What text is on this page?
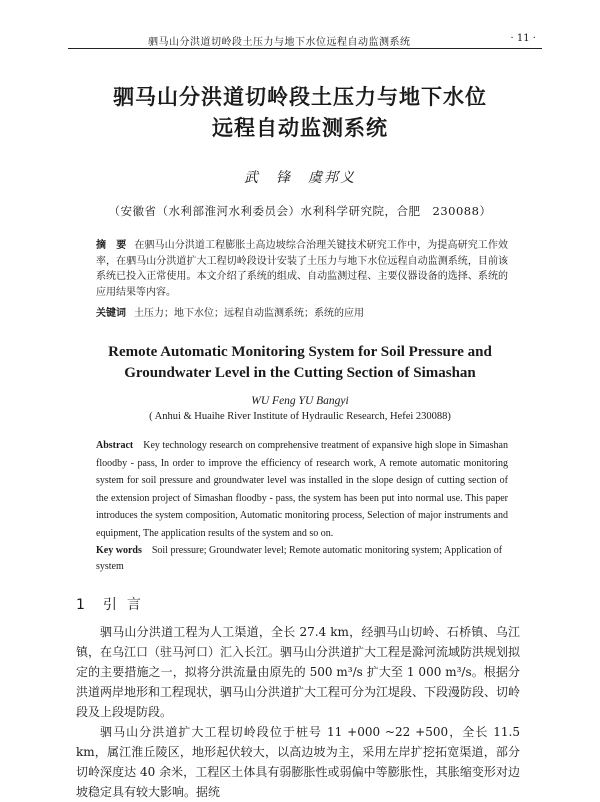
驷马山分洪道切岭段土压力与地下水位远程自动监测系统	· 11 ·
驷马山分洪道切岭段土压力与地下水位
远程自动监测系统
武　锋　虞邦义
（安徽省（水利部淮河水利委员会）水利科学研究院，合肥　230088）
摘　要 在驷马山分洪道工程膨胀土高边坡综合治理关键技术研究工作中，为提高研究工作效率，在驷马山分洪道扩大工程切岭段设计安装了土压力与地下水位远程自动监测系统，目前该系统已投入正常使用。本文介绍了系统的组成、自动监测过程、主要仪器设备的选择、系统的应用结果等内容。
关键词 土压力；地下水位；远程自动监测系统；系统的应用
Remote Automatic Monitoring System for Soil Pressure and
Groundwater Level in the Cutting Section of Simashan
WU Feng YU Bangyi
( Anhui & Huaihe River Institute of Hydraulic Research, Hefei 230088)
Abstract Key technology research on comprehensive treatment of expansive high slope in Simashan floodby - pass, In order to improve the efficiency of research work, A remote automatic monitoring system for soil pressure and groundwater level was installed in the slope design of cutting section of the extension project of Simashan floodby - pass, the system has been put into normal use. This paper introduces the system composition, Automatic monitoring process, Selection of major instruments and equipment, The application results of the system and so on.
Key words Soil pressure; Groundwater level; Remote automatic monitoring system; Application of system
1 引言

驷马山分洪道工程为人工渠道，全长 27.4 km，经驷马山切岭、石桥镇、乌江镇，在乌江口（驻马河口）汇入长江。驷马山分洪道扩大工程是滁河流域防洪规划拟定的主要措施之一，拟将分洪流量由原先的 500 m³/s 扩大至 1 000 m³/s。根据分洪道两岸地形和工程现状，驷马山分洪道扩大工程可分为江堤段、下段漫防段、切岭段及上段堤防段。

驷马山分洪道扩大工程切岭段位于桩号 11 +000 ~22 +500，全长 11.5 km，属江淮丘陵区，地形起伏较大，以高边坡为主，采用左岸扩挖拓宽渠道，部分切岭深度达 40 余米，工程区土体具有弱膨胀性或弱偏中等膨胀性，其胀缩变形对边坡稳定具有较大影响。据统
